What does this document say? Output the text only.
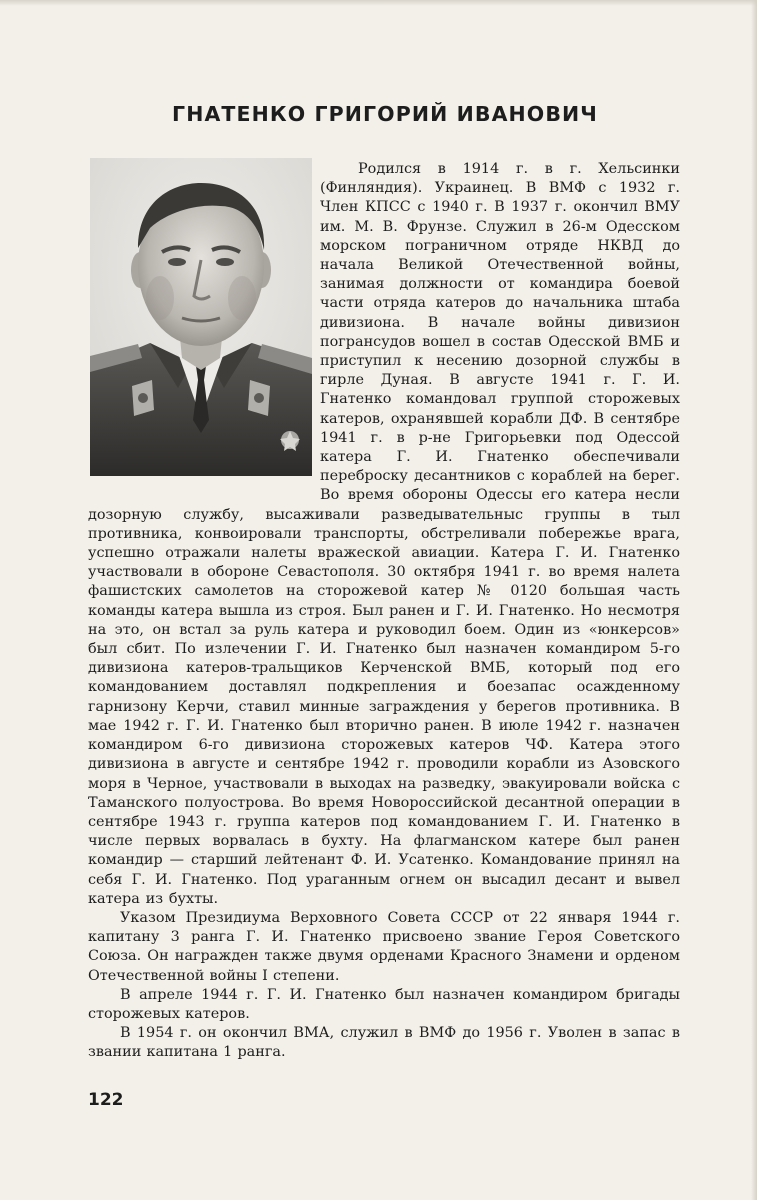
ГНАТЕНКО ГРИГОРИЙ ИВАНОВИЧ

Родился в 1914 г. в г. Хельсинки (Финляндия). Украинец. В ВМФ с 1932 г. Член КПСС с 1940 г. В 1937 г. окончил ВМУ им. М. В. Фрунзе. Служил в 26-м Одесском морском пограничном отряде НКВД до начала Великой Отечественной войны, занимая должности от командира боевой части отряда катеров до начальника штаба дивизиона. В начале войны дивизион погрансудов вошел в состав Одесской ВМБ и приступил к несению дозорной службы в гирле Дуная. В августе 1941 г. Г. И. Гнатенко командовал группой сторожевых катеров, охранявшей корабли ДФ. В сентябре 1941 г. в р-не Григорьевки под Одессой катера Г. И. Гнатенко обеспечивали переброску десантников с кораблей на берег. Во время обороны Одессы его катера несли дозорную службу, высаживали разведывательныс группы в тыл противника, конвоировали транспорты, обстреливали побережье врага, успешно отражали налеты вражеской авиации. Катера Г. И. Гнатенко участвовали в обороне Севастополя. 30 октября 1941 г. во время налета фашистских самолетов на сторожевой катер № 0120 большая часть команды катера вышла из строя. Был ранен и Г. И. Гнатенко. Но несмотря на это, он встал за руль катера и руководил боем. Один из «юнкерсов» был сбит. По излечении Г. И. Гнатенко был назначен командиром 5-го дивизиона катеров-тральщиков Керченской ВМБ, который под его командованием доставлял подкрепления и боезапас осажденному гарнизону Керчи, ставил минные заграждения у берегов противника. В мае 1942 г. Г. И. Гнатенко был вторично ранен. В июле 1942 г. назначен командиром 6-го дивизиона сторожевых катеров ЧФ. Катера этого дивизиона в августе и сентябре 1942 г. проводили корабли из Азовского моря в Черное, участвовали в выходах на разведку, эвакуировали войска с Таманского полуострова. Во время Новороссийской десантной операции в сентябре 1943 г. группа катеров под командованием Г. И. Гнатенко в числе первых ворвалась в бухту. На флагманском катере был ранен командир — старший лейтенант Ф. И. Усатенко. Командование принял на себя Г. И. Гнатенко. Под ураганным огнем он высадил десант и вывел катера из бухты.

Указом Президиума Верховного Совета СССР от 22 января 1944 г. капитану 3 ранга Г. И. Гнатенко присвоено звание Героя Советского Союза. Он награжден также двумя орденами Красного Знамени и орденом Отечественной войны I степени.

В апреле 1944 г. Г. И. Гнатенко был назначен командиром бригады сторожевых катеров.

В 1954 г. он окончил ВМА, служил в ВМФ до 1956 г. Уволен в запас в звании капитана 1 ранга.

122
